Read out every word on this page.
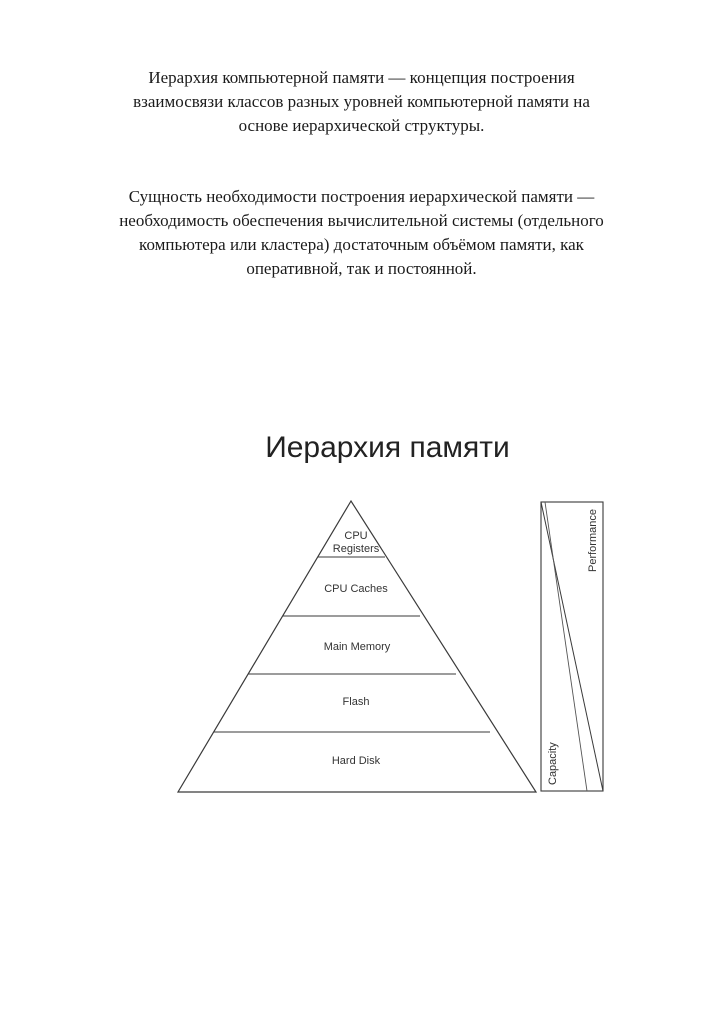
Иерархия компьютерной памяти — концепция построения
взаимосвязи классов разных уровней компьютерной памяти на
основе иерархической структуры.

Сущность необходимости построения иерархической памяти —
необходимость обеспечения вычислительной системы (отдельного
компьютера или кластера) достаточным объёмом памяти, как
оперативной, так и постоянной.

Иерархия памяти
CPU
Registers
CPU Caches
Main Memory
Flash
Hard Disk
Performance
Capacity
